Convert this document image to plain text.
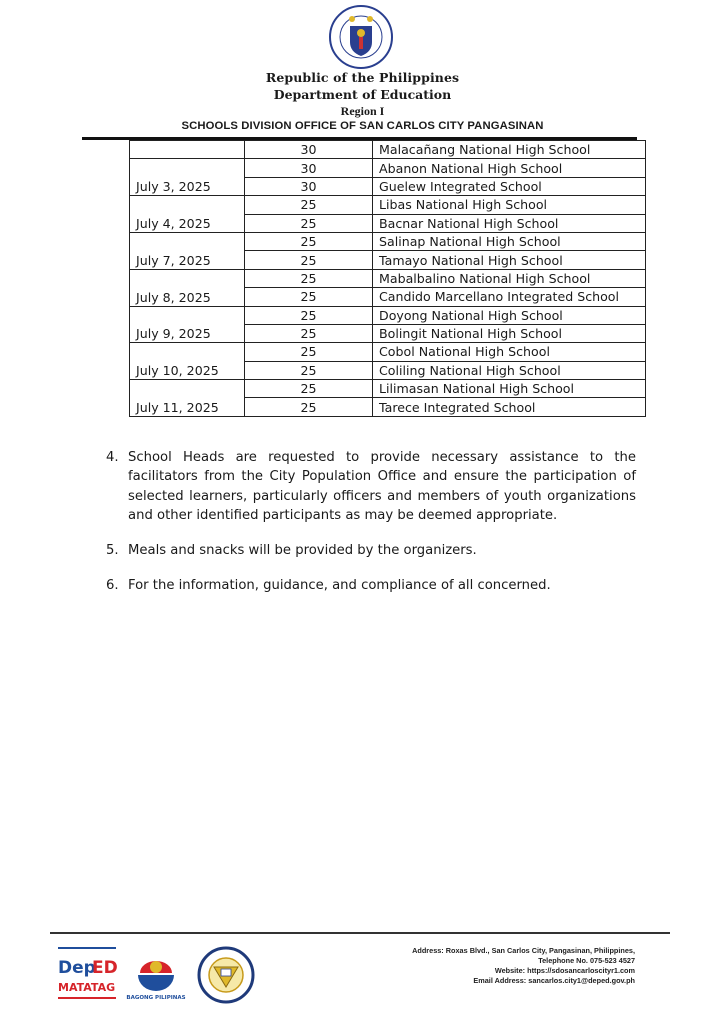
Republic of the Philippines
Department of Education
Region I
SCHOOLS DIVISION OFFICE OF SAN CARLOS CITY PANGASINAN
	30	Malacañang National High School
July 3, 2025	30	Abanon National High School
	30	Guelew Integrated School
July 4, 2025	25	Libas National High School
	25	Bacnar National High School
July 7, 2025	25	Salinap National High School
	25	Tamayo National High School
July 8, 2025	25	Mabalbalino National High School
	25	Candido Marcellano Integrated School
July 9, 2025	25	Doyong National High School
	25	Bolingit National High School
July 10, 2025	25	Cobol National High School
	25	Coliling National High School
July 11, 2025	25	Lilimasan National High School
	25	Tarece Integrated School
4. School Heads are requested to provide necessary assistance to the facilitators from the City Population Office and ensure the participation of selected learners, particularly officers and members of youth organizations and other identified participants as may be deemed appropriate.
5. Meals and snacks will be provided by the organizers.
6. For the information, guidance, and compliance of all concerned.
Dep
ED
MATATAG
BAGONG PILIPINAS
Address: Roxas Blvd., San Carlos City, Pangasinan, Philippines,
Telephone No. 075-523 4527
Website: https://sdosancarloscityr1.com
Email Address: sancarlos.city1@deped.gov.ph
